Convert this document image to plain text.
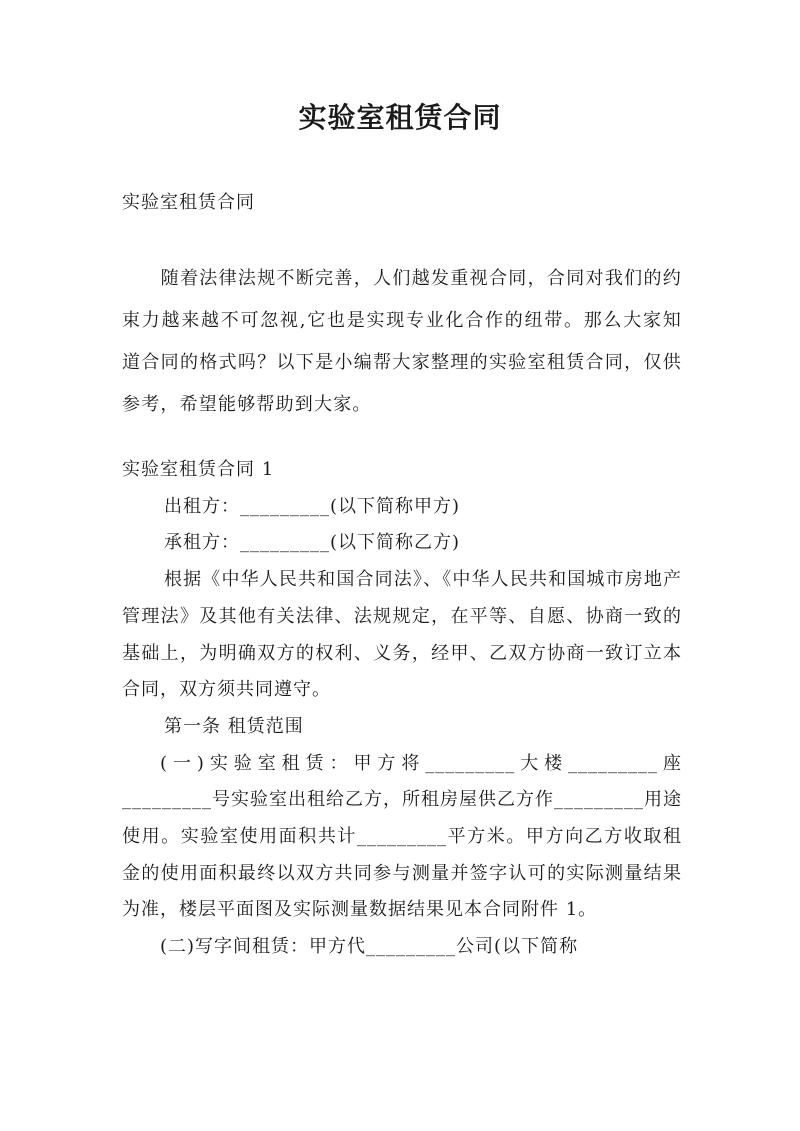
实验室租赁合同
实验室租赁合同
　　随着法律法规不断完善，人们越发重视合同，合同对我们的约束力越来越不可忽视,它也是实现专业化合作的纽带。那么大家知道合同的格式吗？以下是小编帮大家整理的实验室租赁合同，仅供参考，希望能够帮助到大家。

实验室租赁合同 1

出租方：_________(以下简称甲方)

承租方：_________(以下简称乙方)

根据《中华人民共和国合同法》、《中华人民共和国城市房地产管理法》及其他有关法律、法规规定，在平等、自愿、协商一致的基础上，为明确双方的权利、义务，经甲、乙双方协商一致订立本合同，双方须共同遵守。

第一条 租赁范围

(一)实验室租赁：甲方将_________大楼_________座_________号实验室出租给乙方，所租房屋供乙方作_________用途使用。实验室使用面积共计_________平方米。甲方向乙方收取租金的使用面积最终以双方共同参与测量并签字认可的实际测量结果为准，楼层平面图及实际测量数据结果见本合同附件 1。

(二)写字间租赁：甲方代_________公司(以下简称
